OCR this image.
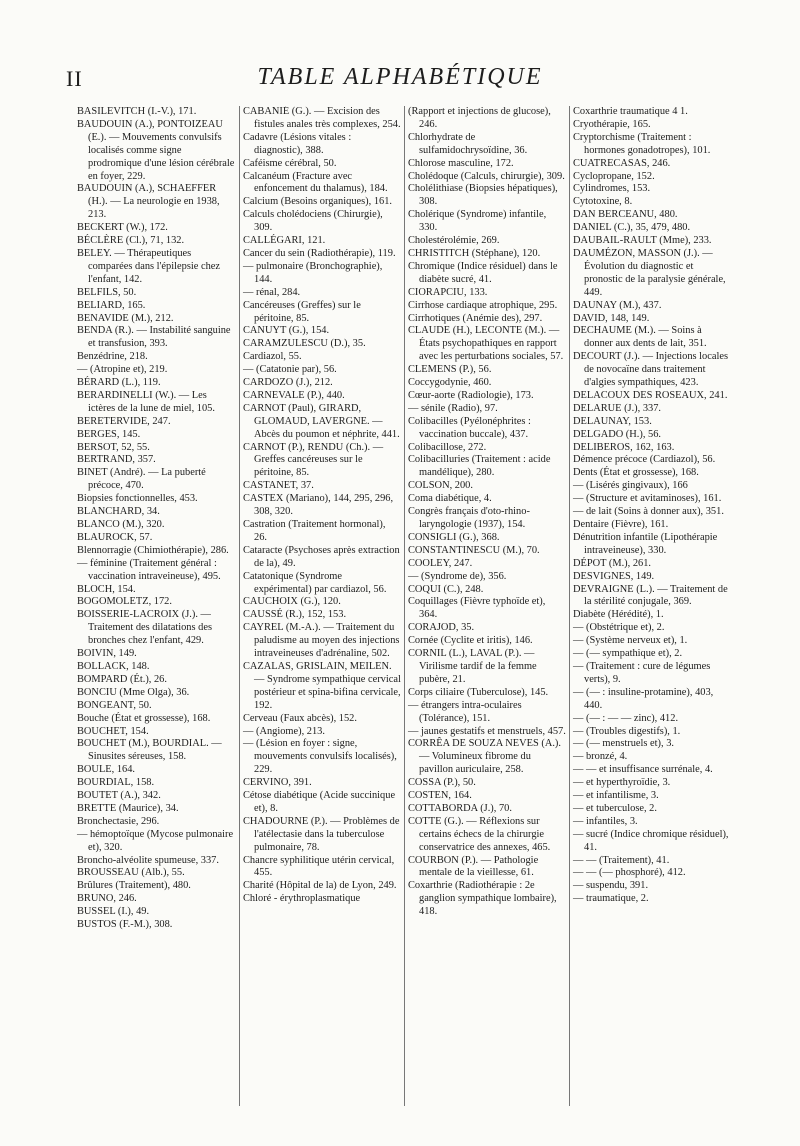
II	TABLE ALPHABÉTIQUE

BASILEVITCH (I.-V.), 171.

BAUDOUIN (A.), PONTOIZEAU (E.). — Mouvements convulsifs localisés comme signe prodromique d'une lésion cérébrale en foyer, 229.

BAUDOUIN (A.), SCHAEFFER (H.). — La neurologie en 1938, 213.

BECKERT (W.), 172.

BÉCLÈRE (Cl.), 71, 132.

BELEY. — Thérapeutiques comparées dans l'épilepsie chez l'enfant, 142.

BELFILS, 50.

BELIARD, 165.

BENAVIDE (M.), 212.

BENDA (R.). — Instabilité sanguine et transfusion, 393.

Benzédrine, 218.

— (Atropine et), 219.

BÉRARD (L.), 119.

BERARDINELLI (W.). — Les ictères de la lune de miel, 105.

BERETERVIDE, 247.

BERGES, 145.

BERSOT, 52, 55.

BERTRAND, 357.

BINET (André). — La puberté précoce, 470.

Biopsies fonctionnelles, 453.

BLANCHARD, 34.

BLANCO (M.), 320.

BLAUROCK, 57.

Blennorragie (Chimiothérapie), 286.

— féminine (Traitement général : vaccination intraveineuse), 495.

BLOCH, 154.

BOGOMOLETZ, 172.

BOISSERIE-LACROIX (J.). — Traitement des dilatations des bronches chez l'enfant, 429.

BOIVIN, 149.

BOLLACK, 148.

BOMPARD (Ét.), 26.

BONCIU (Mme Olga), 36.

BONGEANT, 50.

Bouche (État et grossesse), 168.

BOUCHET, 154.

BOUCHET (M.), BOURDIAL. — Sinusites séreuses, 158.

BOULE, 164.

BOURDIAL, 158.

BOUTET (A.), 342.

BRETTE (Maurice), 34.

Bronchectasie, 296.

— hémoptoïque (Mycose pulmonaire et), 320.

Broncho-alvéolite spumeuse, 337.

BROUSSEAU (Alb.), 55.

Brûlures (Traitement), 480.

BRUNO, 246.

BUSSEL (I.), 49.

BUSTOS (F.-M.), 308.

CABANIÉ (G.). — Excision des fistules anales très complexes, 254.

Cadavre (Lésions vitales : diagnostic), 388.

Caféisme cérébral, 50.

Calcanéum (Fracture avec enfoncement du thalamus), 184.

Calcium (Besoins organiques), 161.

Calculs cholédociens (Chirurgie), 309.

CALLÉGARI, 121.

Cancer du sein (Radiothérapie), 119.

— pulmonaire (Bronchographie), 144.

— rénal, 284.

Cancéreuses (Greffes) sur le péritoine, 85.

CANUYT (G.), 154.

CARAMZULESCU (D.), 35.

Cardiazol, 55.

— (Catatonie par), 56.

CARDOZO (J.), 212.

CARNEVALE (P.), 440.

CARNOT (Paul), GIRARD, GLOMAUD, LAVERGNE. — Abcès du poumon et néphrite, 441.

CARNOT (P.), RENDU (Ch.). — Greffes cancéreuses sur le péritoine, 85.

CASTANET, 37.

CASTEX (Mariano), 144, 295, 296, 308, 320.

Castration (Traitement hormonal), 26.

Cataracte (Psychoses après extraction de la), 49.

Catatonique (Syndrome expérimental) par cardiazol, 56.

CAUCHOIX (G.), 120.

CAUSSÉ (R.), 152, 153.

CAYREL (M.-A.). — Traitement du paludisme au moyen des injections intraveineuses d'adrénaline, 502.

CAZALAS, GRISLAIN, MEILEN. — Syndrome sympathique cervical postérieur et spina-bifina cervicale, 192.

Cerveau (Faux abcès), 152.

— (Angiome), 213.

— (Lésion en foyer : signe, mouvements convulsifs localisés), 229.

CERVINO, 391.

Cétose diabétique (Acide succinique et), 8.

CHADOURNE (P.). — Problèmes de l'atélectasie dans la tuberculose pulmonaire, 78.

Chancre syphilitique utérin cervical, 455.

Charité (Hôpital de la) de Lyon, 249.

Chloré - érythroplasmatique

(Rapport et injections de glucose), 246.

Chlorhydrate de sulfamidochrysoïdine, 36.

Chlorose masculine, 172.

Cholédoque (Calculs, chirurgie), 309.

Cholélithiase (Biopsies hépatiques), 308.

Cholérique (Syndrome) infantile, 330.

Cholestérolémie, 269.

CHRISTITCH (Stéphane), 120.

Chromique (Indice résiduel) dans le diabète sucré, 41.

CIORAPCIU, 133.

Cirrhose cardiaque atrophique, 295.

Cirrhotiques (Anémie des), 297.

CLAUDE (H.), LECONTE (M.). — États psychopathiques en rapport avec les perturbations sociales, 57.

CLEMENS (P.), 56.

Coccygodynie, 460.

Cœur-aorte (Radiologie), 173.

— sénile (Radio), 97.

Colibacilles (Pyélonéphrites : vaccination buccale), 437.

Colibacillose, 272.

Colibacilluries (Traitement : acide mandélique), 280.

COLSON, 200.

Coma diabétique, 4.

Congrès français d'oto-rhino-laryngologie (1937), 154.

CONSIGLI (G.), 368.

CONSTANTINESCU (M.), 70.

COOLEY, 247.

— (Syndrome de), 356.

COQUI (C.), 248.

Coquillages (Fièvre typhoïde et), 364.

CORAJOD, 35.

Cornée (Cyclite et iritis), 146.

CORNIL (L.), LAVAL (P.). — Virilisme tardif de la femme pubère, 21.

Corps ciliaire (Tuberculose), 145.

— étrangers intra-oculaires (Tolérance), 151.

— jaunes gestatifs et menstruels, 457.

CORRÊA DE SOUZA NEVES (A.). — Volumineux fibrome du pavillon auriculaire, 258.

COSSA (P.), 50.

COSTEN, 164.

COTTABORDA (J.), 70.

COTTE (G.). — Réflexions sur certains échecs de la chirurgie conservatrice des annexes, 465.

COURBON (P.). — Pathologie mentale de la vieillesse, 61.

Coxarthrie (Radiothérapie : 2e ganglion sympathique lombaire), 418.

Coxarthrie traumatique 4 1.

Cryothérapie, 165.

Cryptorchisme (Traitement : hormones gonadotropes), 101.

CUATRECASAS, 246.

Cyclopropane, 152.

Cylindromes, 153.

Cytotoxine, 8.

DAN BERCEANU, 480.

DANIEL (C.), 35, 479, 480.

DAUBAIL-RAULT (Mme), 233.

DAUMÉZON, MASSON (J.). — Évolution du diagnostic et pronostic de la paralysie générale, 449.

DAUNAY (M.), 437.

DAVID, 148, 149.

DECHAUME (M.). — Soins à donner aux dents de lait, 351.

DECOURT (J.). — Injections locales de novocaïne dans traitement d'algies sympathiques, 423.

DELACOUX DES ROSEAUX, 241.

DELARUE (J.), 337.

DELAUNAY, 153.

DELGADO (H.), 56.

DELIBEROS, 162, 163.

Démence précoce (Cardiazol), 56.

Dents (État et grossesse), 168.

— (Lisérés gingivaux), 166

— (Structure et avitaminoses), 161.

— de lait (Soins à donner aux), 351.

Dentaire (Fièvre), 161.

Dénutrition infantile (Lipothérapie intraveineuse), 330.

DÉPOT (M.), 261.

DESVIGNES, 149.

DEVRAIGNE (L.). — Traitement de la stérilité conjugale, 369.

Diabète (Hérédité), 1.

— (Obstétrique et), 2.

— (Système nerveux et), 1.

— (— sympathique et), 2.

— (Traitement : cure de légumes verts), 9.

— (— : insuline-protamine), 403, 440.

— (— : — — zinc), 412.

— (Troubles digestifs), 1.

— (— menstruels et), 3.

— bronzé, 4.

— — et insuffisance surrénale, 4.

— et hyperthyroïdie, 3.

— et infantilisme, 3.

— et tuberculose, 2.

— infantiles, 3.

— sucré (Indice chromique résiduel), 41.

— — (Traitement), 41.

— — (— phosphoré), 412.

— suspendu, 391.

— traumatique, 2.
